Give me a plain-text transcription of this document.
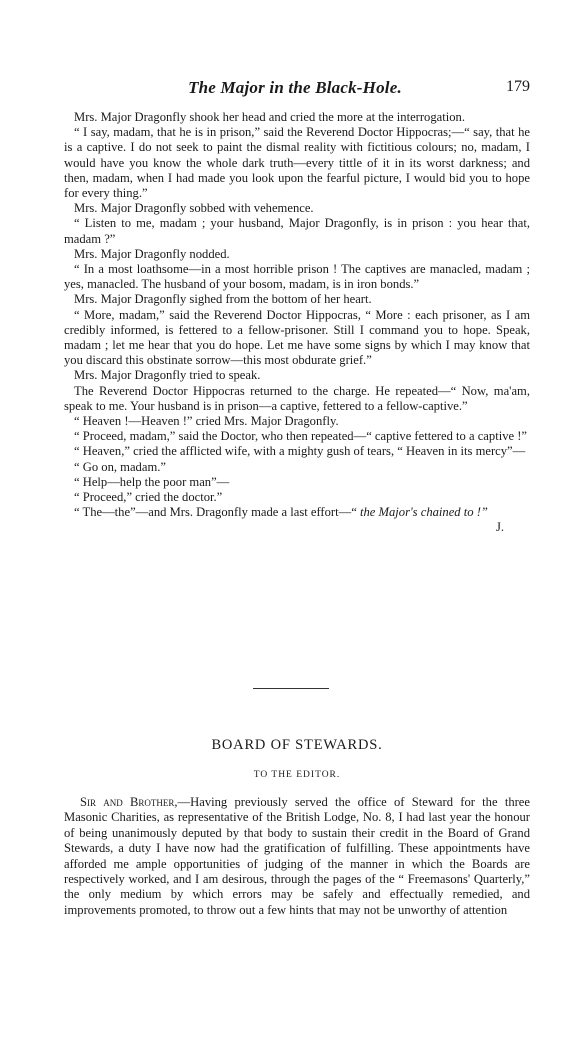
The Major in the Black-Hole.	179

Mrs. Major Dragonfly shook her head and cried the more at the interrogation.

“ I say, madam, that he is in prison,” said the Reverend Doctor Hippocras;—“ say, that he is a captive. I do not seek to paint the dismal reality with fictitious colours; no, madam, I would have you know the whole dark truth—every tittle of it in its worst darkness; and then, madam, when I had made you look upon the fearful picture, I would bid you to hope for every thing.”

Mrs. Major Dragonfly sobbed with vehemence.

“ Listen to me, madam ; your husband, Major Dragonfly, is in prison : you hear that, madam ?”

Mrs. Major Dragonfly nodded.

“ In a most loathsome—in a most horrible prison ! The captives are manacled, madam ; yes, manacled. The husband of your bosom, madam, is in iron bonds.”

Mrs. Major Dragonfly sighed from the bottom of her heart.

“ More, madam,” said the Reverend Doctor Hippocras, “ More : each prisoner, as I am credibly informed, is fettered to a fellow-prisoner. Still I command you to hope. Speak, madam ; let me hear that you do hope. Let me have some signs by which I may know that you discard this obstinate sorrow—this most obdurate grief.”

Mrs. Major Dragonfly tried to speak.

The Reverend Doctor Hippocras returned to the charge. He repeated—“ Now, ma'am, speak to me. Your husband is in prison—a captive, fettered to a fellow-captive.”

“ Heaven !—Heaven !” cried Mrs. Major Dragonfly.

“ Proceed, madam,” said the Doctor, who then repeated—“ captive fettered to a captive !”

“ Heaven,” cried the afflicted wife, with a mighty gush of tears, “ Heaven in its mercy”—

“ Go on, madam.”

“ Help—help the poor man”—

“ Proceed,” cried the doctor.”

“ The—the”—and Mrs. Dragonfly made a last effort—“ the Major's chained to !”

J.
BOARD OF STEWARDS.
TO THE EDITOR.

Sir and Brother,—Having previously served the office of Steward for the three Masonic Charities, as representative of the British Lodge, No. 8, I had last year the honour of being unanimously deputed by that body to sustain their credit in the Board of Grand Stewards, a duty I have now had the gratification of fulfilling. These appointments have afforded me ample opportunities of judging of the manner in which the Boards are respectively worked, and I am desirous, through the pages of the “ Freemasons' Quarterly,” the only medium by which errors may be safely and effectually remedied, and improvements promoted, to throw out a few hints that may not be unworthy of attention
